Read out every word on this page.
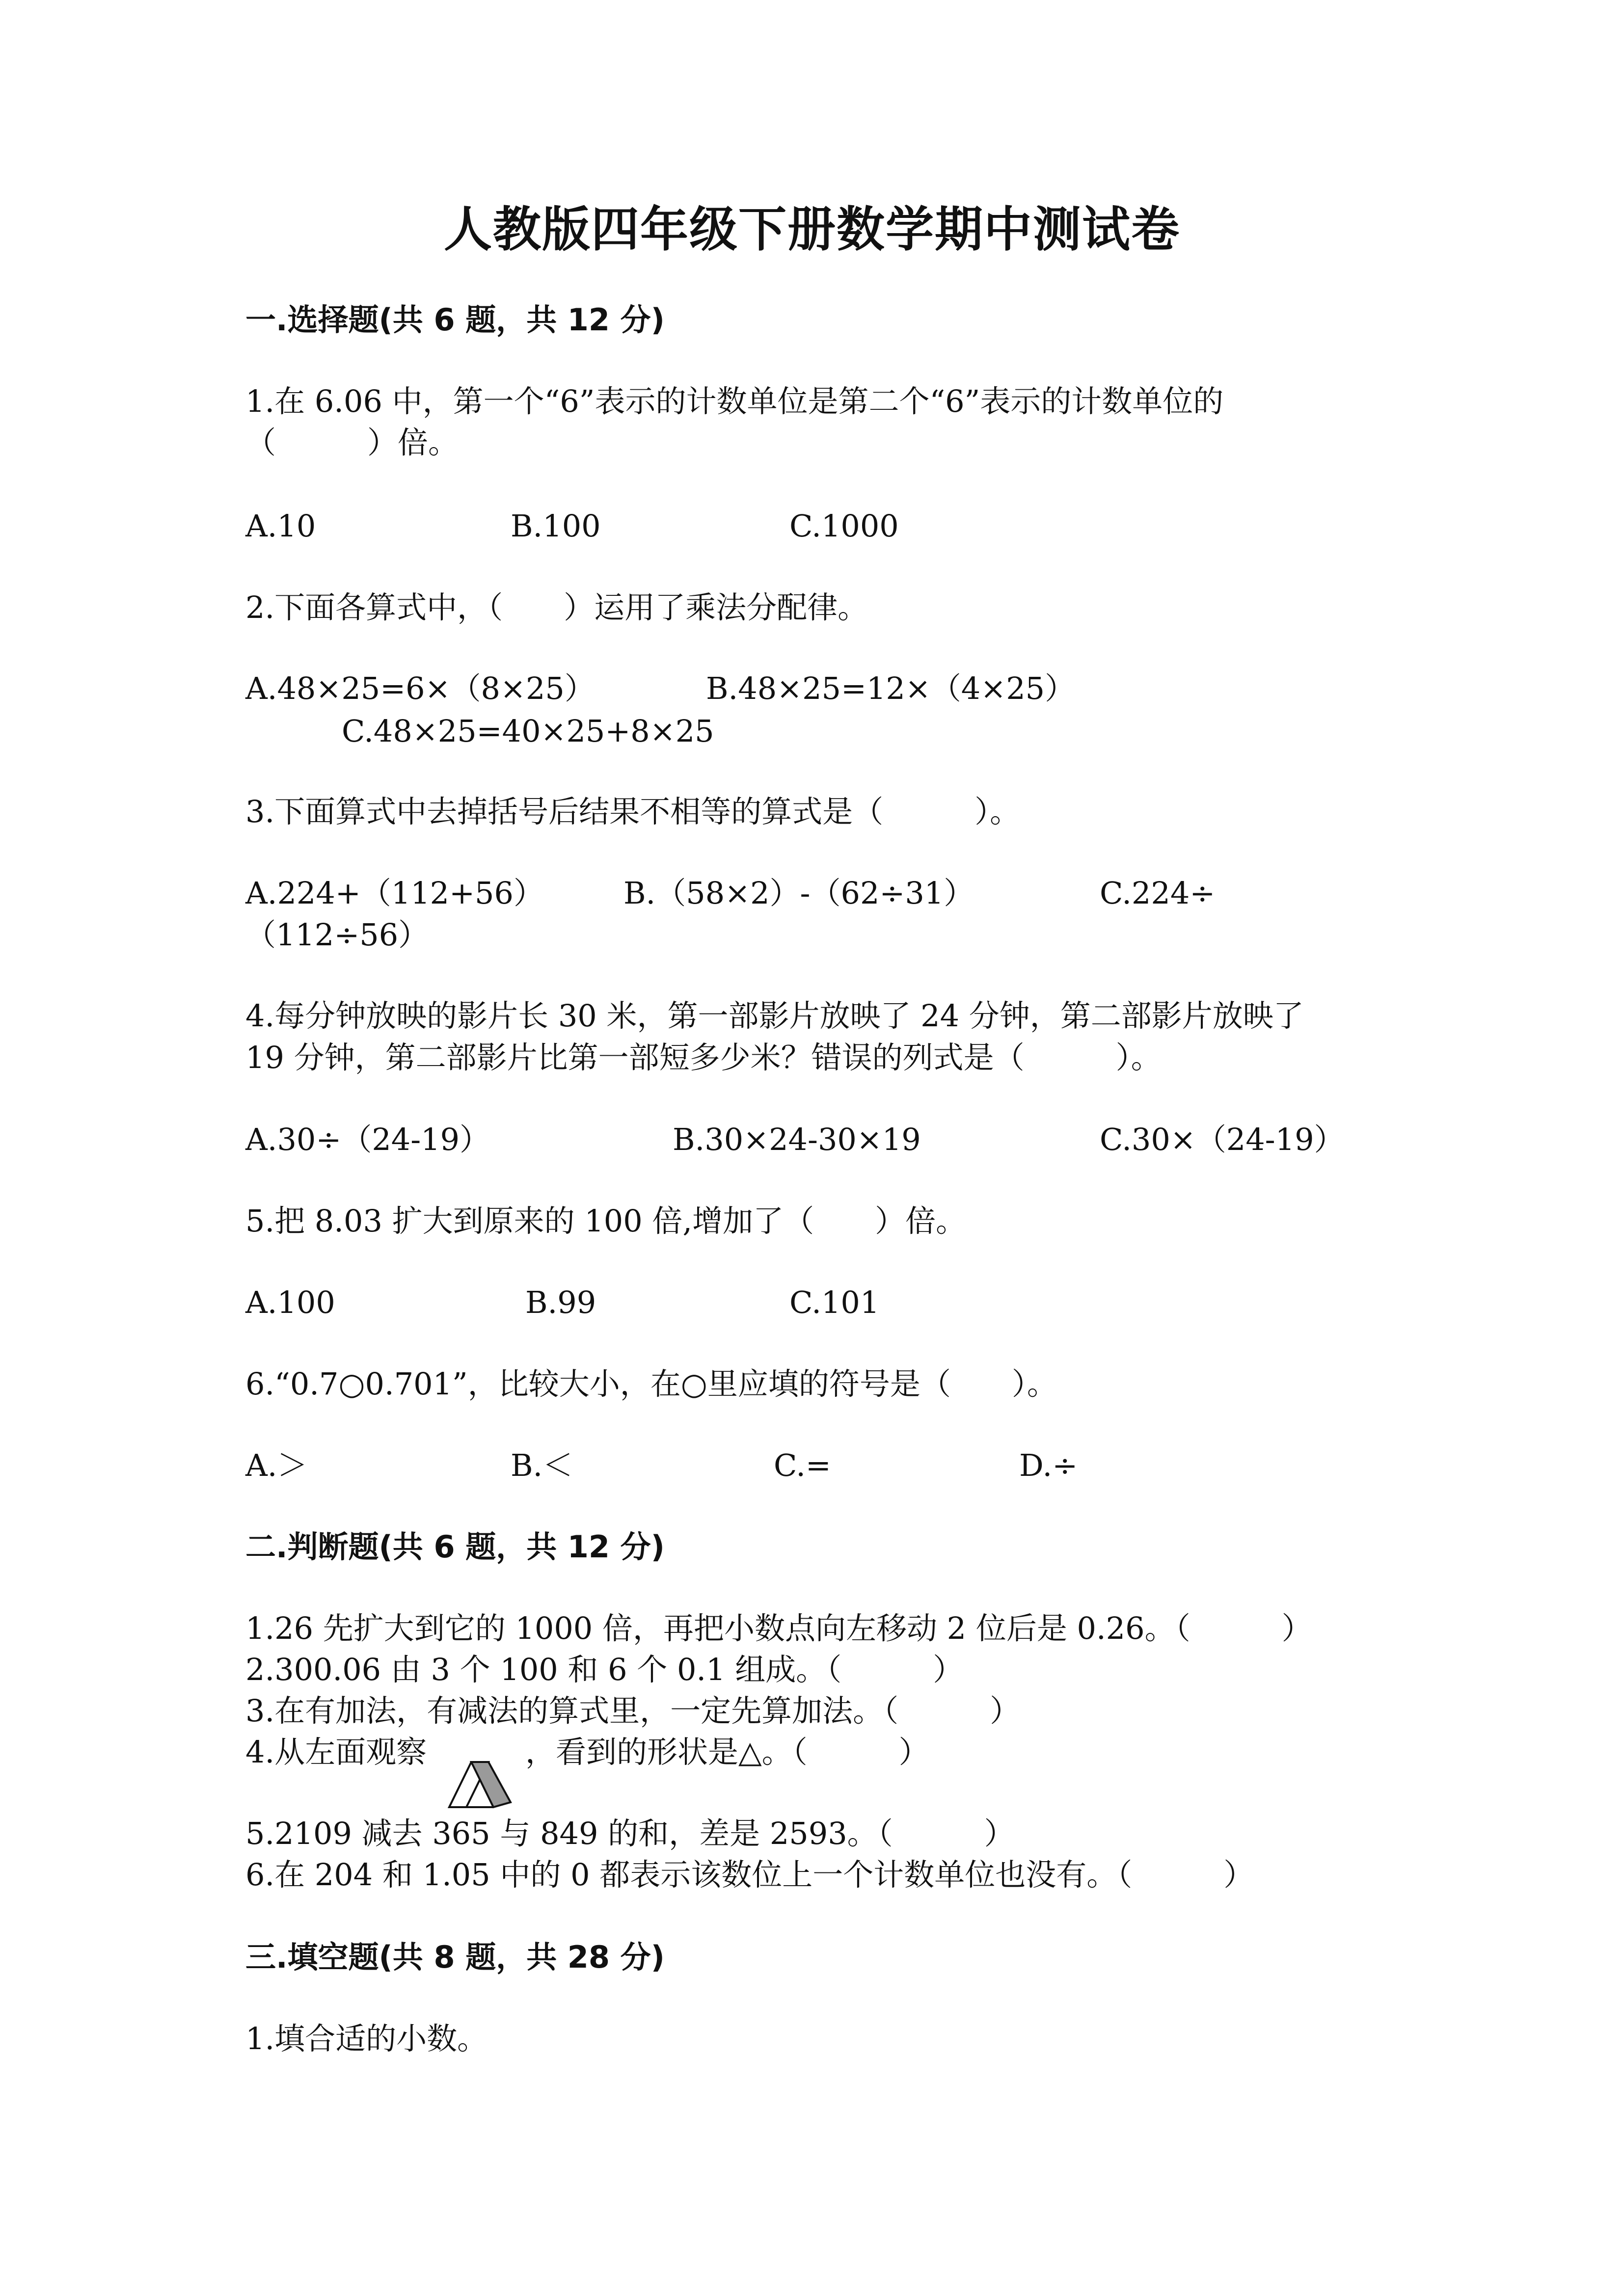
人教版四年级下册数学期中测试卷
一.选择题(共 6 题，共 12 分)
1.在 6.06 中，第一个“6”表示的计数单位是第二个“6”表示的计数单位的
（　　　）倍。
A.10	B.100	C.1000
2.下面各算式中，（　　）运用了乘法分配律。
A.48×25=6×（8×25）	B.48×25=12×（4×25）
C.48×25=40×25+8×25
3.下面算式中去掉括号后结果不相等的算式是（　　　）。
A.224+（112+56）	B.（58×2）-（62÷31）	C.224÷
（112÷56）
4.每分钟放映的影片长 30 米，第一部影片放映了 24 分钟，第二部影片放映了
19 分钟，第二部影片比第一部短多少米？错误的列式是（　　　）。
A.30÷（24-19）	B.30×24-30×19	C.30×（24-19）
5.把 8.03 扩大到原来的 100 倍,增加了（　　）倍。
A.100	B.99	C.101
6.“0.7○0.701”，比较大小，在○里应填的符号是（　　）。
A.＞	B.＜	C.=	D.÷
二.判断题(共 6 题，共 12 分)
1.26 先扩大到它的 1000 倍，再把小数点向左移动 2 位后是 0.26。（　　　）
2.300.06 由 3 个 100 和 6 个 0.1 组成。（　　　）
3.在有加法，有减法的算式里，一定先算加法。（　　　）
4.从左面观察	，看到的形状是△。（　　　）
5.2109 减去 365 与 849 的和，差是 2593。（　　　）
6.在 204 和 1.05 中的 0 都表示该数位上一个计数单位也没有。（　　　）
三.填空题(共 8 题，共 28 分)
1.填合适的小数。
